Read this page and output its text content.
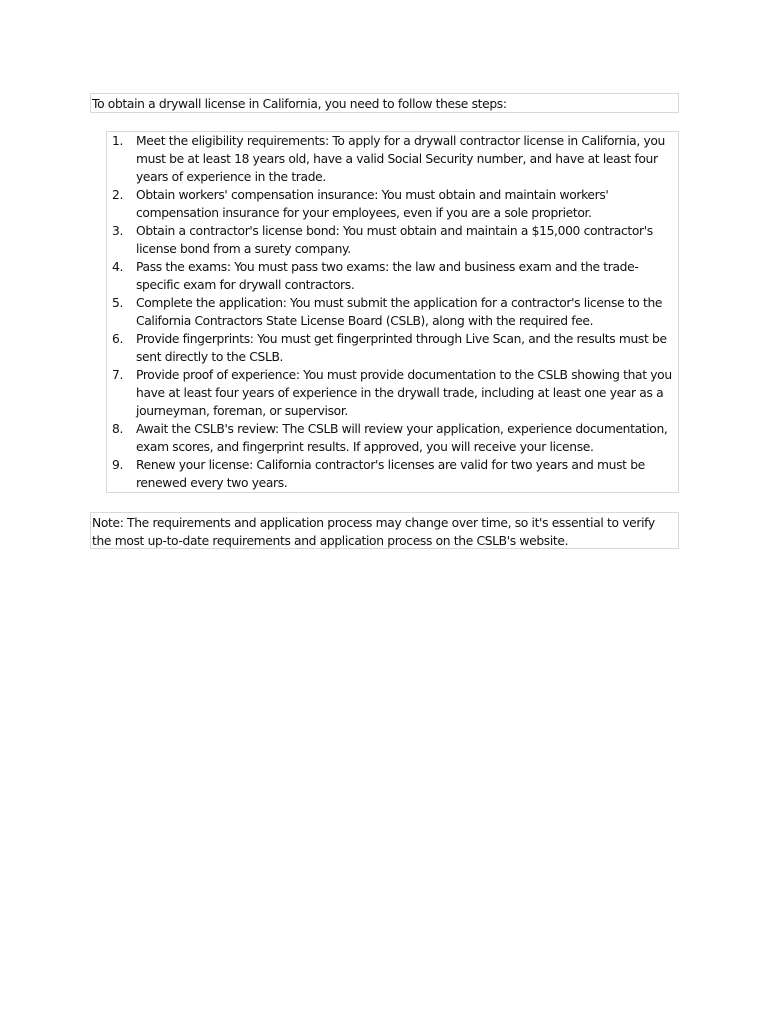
To obtain a drywall license in California, you need to follow these steps:
1.	Meet the eligibility requirements: To apply for a drywall contractor license in California, you must be at least 18 years old, have a valid Social Security number, and have at least four years of experience in the trade.
2.	Obtain workers' compensation insurance: You must obtain and maintain workers' compensation insurance for your employees, even if you are a sole proprietor.
3.	Obtain a contractor's license bond: You must obtain and maintain a $15,000 contractor's license bond from a surety company.
4.	Pass the exams: You must pass two exams: the law and business exam and the trade-specific exam for drywall contractors.
5.	Complete the application: You must submit the application for a contractor's license to the California Contractors State License Board (CSLB), along with the required fee.
6.	Provide fingerprints: You must get fingerprinted through Live Scan, and the results must be sent directly to the CSLB.
7.	Provide proof of experience: You must provide documentation to the CSLB showing that you have at least four years of experience in the drywall trade, including at least one year as a journeyman, foreman, or supervisor.
8.	Await the CSLB's review: The CSLB will review your application, experience documentation, exam scores, and fingerprint results. If approved, you will receive your license.
9.	Renew your license: California contractor's licenses are valid for two years and must be renewed every two years.
Note: The requirements and application process may change over time, so it's essential to verify the most up-to-date requirements and application process on the CSLB's website.
